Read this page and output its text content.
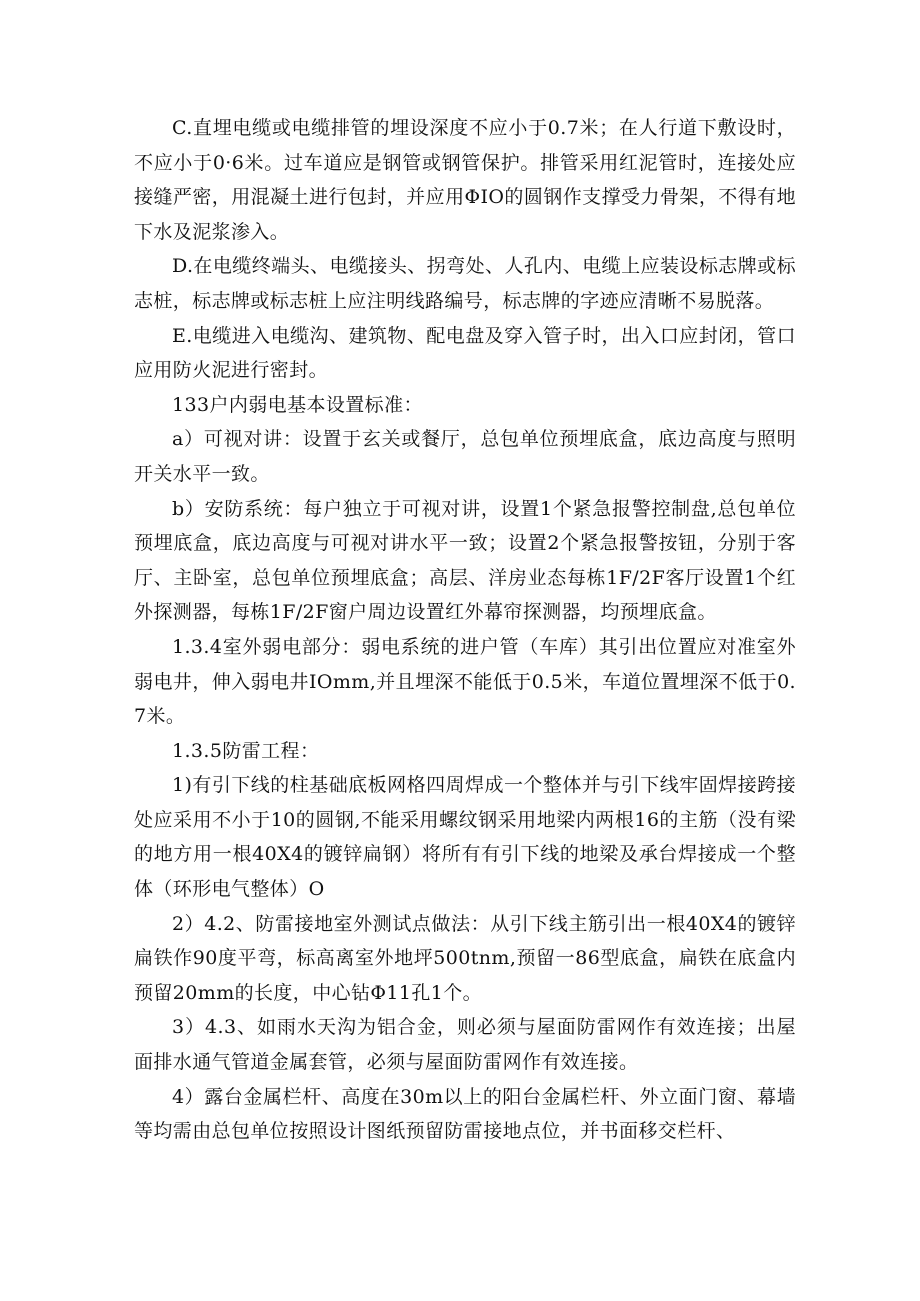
C.直埋电缆或电缆排管的埋设深度不应小于0.7米；在人行道下敷设时，不应小于0·6米。过车道应是钢管或钢管保护。排管采用红泥管时，连接处应接缝严密，用混凝土进行包封，并应用ΦIO的圆钢作支撑受力骨架，不得有地下水及泥浆渗入。

D.在电缆终端头、电缆接头、拐弯处、人孔内、电缆上应装设标志牌或标志桩，标志牌或标志桩上应注明线路编号，标志牌的字迹应清晰不易脱落。

E.电缆进入电缆沟、建筑物、配电盘及穿入管子时，出入口应封闭，管口应用防火泥进行密封。

133户内弱电基本设置标准：

a）可视对讲：设置于玄关或餐厅，总包单位预埋底盒，底边高度与照明开关水平一致。

b）安防系统：每户独立于可视对讲，设置1个紧急报警控制盘,总包单位预埋底盒，底边高度与可视对讲水平一致；设置2个紧急报警按钮，分别于客厅、主卧室，总包单位预埋底盒；高层、洋房业态每栋1F/2F客厅设置1个红外探测器，每栋1F/2F窗户周边设置红外幕帘探测器，均预埋底盒。

1.3.4室外弱电部分：弱电系统的进户管（车库）其引出位置应对准室外弱电井，伸入弱电井IOmm,并且埋深不能低于0.5米，车道位置埋深不低于0.7米。

1.3.5防雷工程：

1)有引下线的柱基础底板网格四周焊成一个整体并与引下线牢固焊接跨接处应采用不小于10的圆钢,不能采用螺纹钢采用地梁内两根16的主筋（没有梁的地方用一根40X4的镀锌扁钢）将所有有引下线的地梁及承台焊接成一个整体（环形电气整体）O

2）4.2、防雷接地室外测试点做法：从引下线主筋引出一根40X4的镀锌扁铁作90度平弯，标高离室外地坪500tnm,预留一86型底盒，扁铁在底盒内预留20mm的长度，中心钻Φ11孔1个。

3）4.3、如雨水天沟为铝合金，则必须与屋面防雷网作有效连接；出屋面排水通气管道金属套管，必须与屋面防雷网作有效连接。

4）露台金属栏杆、高度在30m以上的阳台金属栏杆、外立面门窗、幕墙等均需由总包单位按照设计图纸预留防雷接地点位，并书面移交栏杆、
